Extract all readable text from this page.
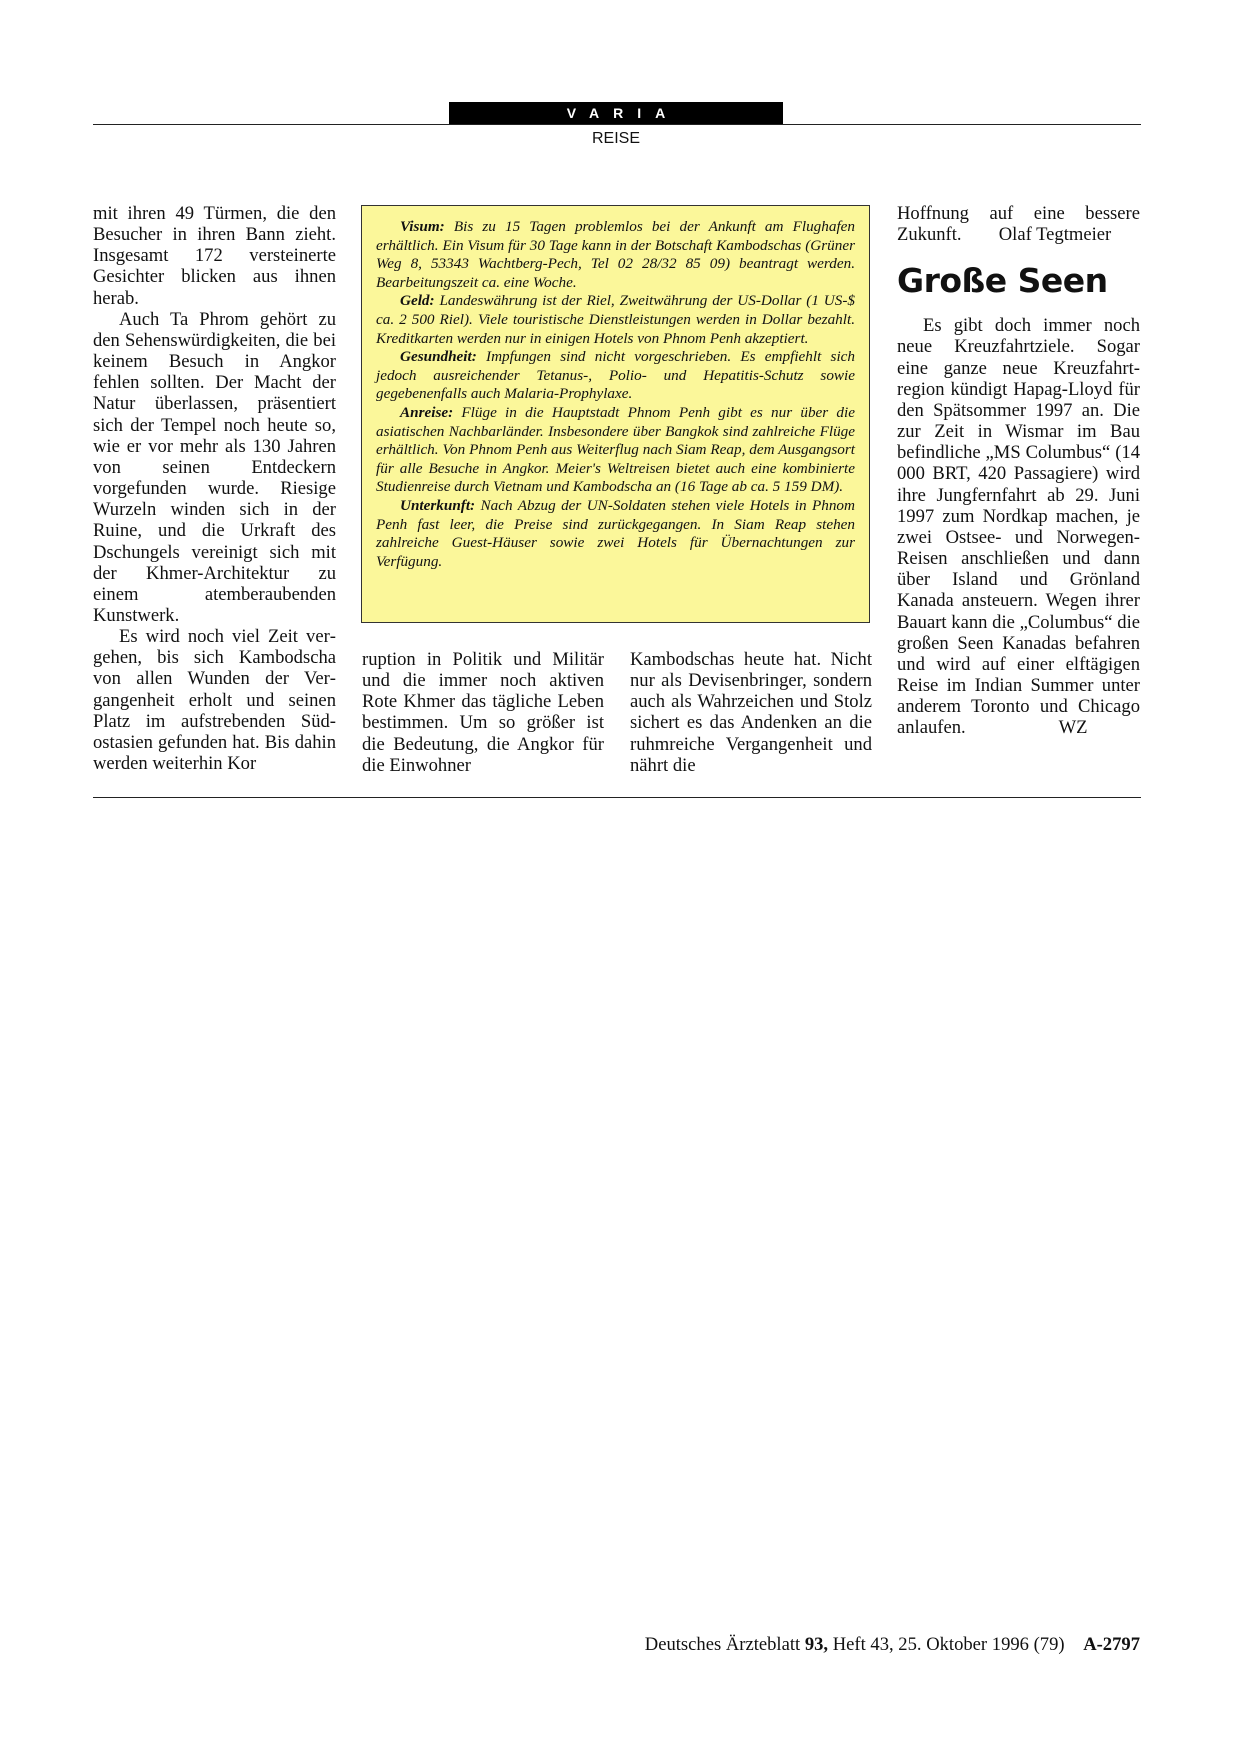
VARIA
REISE

mit ihren 49 Türmen, die den Besucher in ihren Bann zieht. Insgesamt 172 versteinerte Gesichter blicken aus ihnen herab.

Auch Ta Phrom gehört zu den Sehenswürdigkeiten, die bei keinem Besuch in Angkor fehlen sollten. Der Macht der Natur überlassen, präsentiert sich der Tempel noch heute so, wie er vor mehr als 130 Jahren von seinen Entdeckern vorgefunden wurde. Riesige Wurzeln winden sich in der Ruine, und die Urkraft des Dschungels vereinigt sich mit der Khmer-Architektur zu einem atemberaubenden Kunstwerk.

Es wird noch viel Zeit vergehen, bis sich Kambodscha von allen Wunden der Vergangenheit erholt und seinen Platz im aufstrebenden Südostasien gefunden hat. Bis dahin werden weiterhin Kor

Visum: Bis zu 15 Tagen problemlos bei der Ankunft am Flughafen erhältlich. Ein Visum für 30 Tage kann in der Botschaft Kambodschas (Grüner Weg 8, 53343 Wachtberg-Pech, Tel 02 28/32 85 09) beantragt werden. Bearbeitungszeit ca. eine Woche.

Geld: Landeswährung ist der Riel, Zweitwährung der US-Dollar (1 US-$ ca. 2 500 Riel). Viele touristische Dienstleistungen werden in Dollar bezahlt. Kreditkarten werden nur in einigen Hotels von Phnom Penh akzeptiert.

Gesundheit: Impfungen sind nicht vorgeschrieben. Es empfiehlt sich jedoch ausreichender Tetanus-, Polio- und Hepatitis-Schutz sowie gegebenenfalls auch Malaria-Prophylaxe.

Anreise: Flüge in die Hauptstadt Phnom Penh gibt es nur über die asiatischen Nachbarländer. Insbesondere über Bangkok sind zahlreiche Flüge erhältlich. Von Phnom Penh aus Weiterflug nach Siam Reap, dem Ausgangsort für alle Besuche in Angkor. Meier's Weltreisen bietet auch eine kombinierte Studienreise durch Vietnam und Kambodscha an (16 Tage ab ca. 5 159 DM).

Unterkunft: Nach Abzug der UN-Soldaten stehen viele Hotels in Phnom Penh fast leer, die Preise sind zurückgegangen. In Siam Reap stehen zahlreiche Guest-Häuser sowie zwei Hotels für Übernachtungen zur Verfügung.

ruption in Politik und Militär und die immer noch aktiven Rote Khmer das tägliche Leben bestimmen. Um so größer ist die Bedeutung, die Angkor für die Einwohner

Kambodschas heute hat. Nicht nur als Devisenbringer, sondern auch als Wahrzeichen und Stolz sichert es das Andenken an die ruhmreiche Vergangenheit und nährt die

Hoffnung auf eine bessere Zukunft.  Olaf Tegtmeier

Große Seen

Es gibt doch immer noch neue Kreuzfahrtziele. Sogar eine ganze neue Kreuzfahrtregion kündigt Hapag-Lloyd für den Spätsommer 1997 an. Die zur Zeit in Wismar im Bau befindliche „MS Columbus“ (14 000 BRT, 420 Passagiere) wird ihre Jungfernfahrt ab 29. Juni 1997 zum Nordkap machen, je zwei Ostsee- und Norwegen-Reisen anschließen und dann über Island und Grönland Kanada ansteuern. Wegen ihrer Bauart kann die „Columbus“ die großen Seen Kanadas befahren und wird auf einer elftägigen Reise im Indian Summer unter anderem Toronto und Chicago anlaufen.     WZ

Deutsches Ärzteblatt 93, Heft 43, 25. Oktober 1996 (79) A-2797
